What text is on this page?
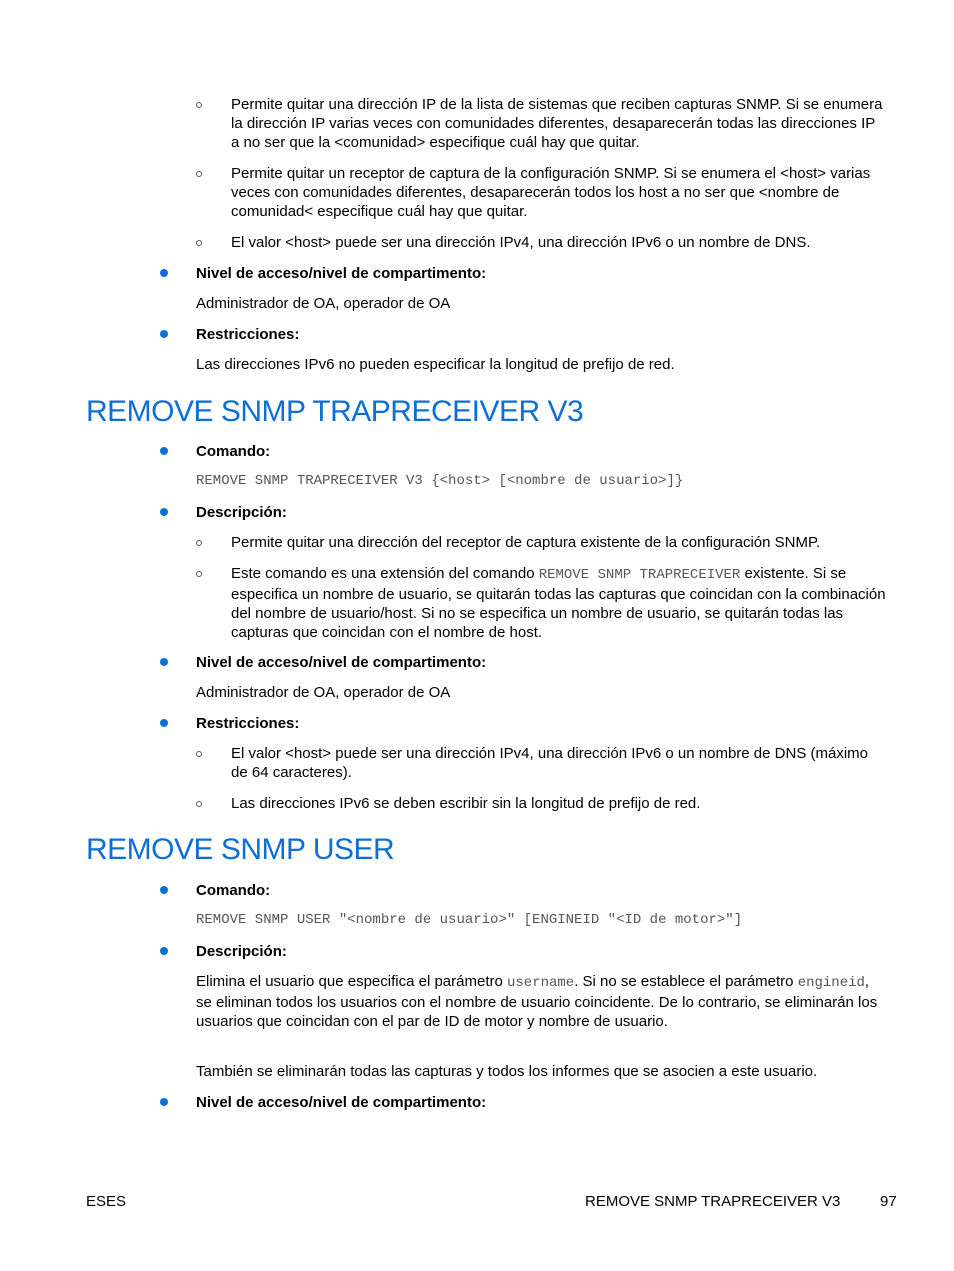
Permite quitar una dirección IP de la lista de sistemas que reciben capturas SNMP. Si se enumera la dirección IP varias veces con comunidades diferentes, desaparecerán todas las direcciones IP a no ser que la <comunidad> especifique cuál hay que quitar.
Permite quitar un receptor de captura de la configuración SNMP. Si se enumera el <host> varias veces con comunidades diferentes, desaparecerán todos los host a no ser que <nombre de comunidad< especifique cuál hay que quitar.
El valor <host> puede ser una dirección IPv4, una dirección IPv6 o un nombre de DNS.
Nivel de acceso/nivel de compartimento:
Administrador de OA, operador de OA
Restricciones:
Las direcciones IPv6 no pueden especificar la longitud de prefijo de red.
REMOVE SNMP TRAPRECEIVER V3
Comando:
REMOVE SNMP TRAPRECEIVER V3 {<host> [<nombre de usuario>]}
Descripción:
Permite quitar una dirección del receptor de captura existente de la configuración SNMP.
Este comando es una extensión del comando REMOVE SNMP TRAPRECEIVER existente. Si se especifica un nombre de usuario, se quitarán todas las capturas que coincidan con la combinación del nombre de usuario/host. Si no se especifica un nombre de usuario, se quitarán todas las capturas que coincidan con el nombre de host.
Nivel de acceso/nivel de compartimento:
Administrador de OA, operador de OA
Restricciones:
El valor <host> puede ser una dirección IPv4, una dirección IPv6 o un nombre de DNS (máximo de 64 caracteres).
Las direcciones IPv6 se deben escribir sin la longitud de prefijo de red.
REMOVE SNMP USER
Comando:
REMOVE SNMP USER "<nombre de usuario>" [ENGINEID "<ID de motor>"]
Descripción:
Elimina el usuario que especifica el parámetro username. Si no se establece el parámetro engineid, se eliminan todos los usuarios con el nombre de usuario coincidente. De lo contrario, se eliminarán los usuarios que coincidan con el par de ID de motor y nombre de usuario.
También se eliminarán todas las capturas y todos los informes que se asocien a este usuario.
Nivel de acceso/nivel de compartimento:
ESES	REMOVE SNMP TRAPRECEIVER V3	97
